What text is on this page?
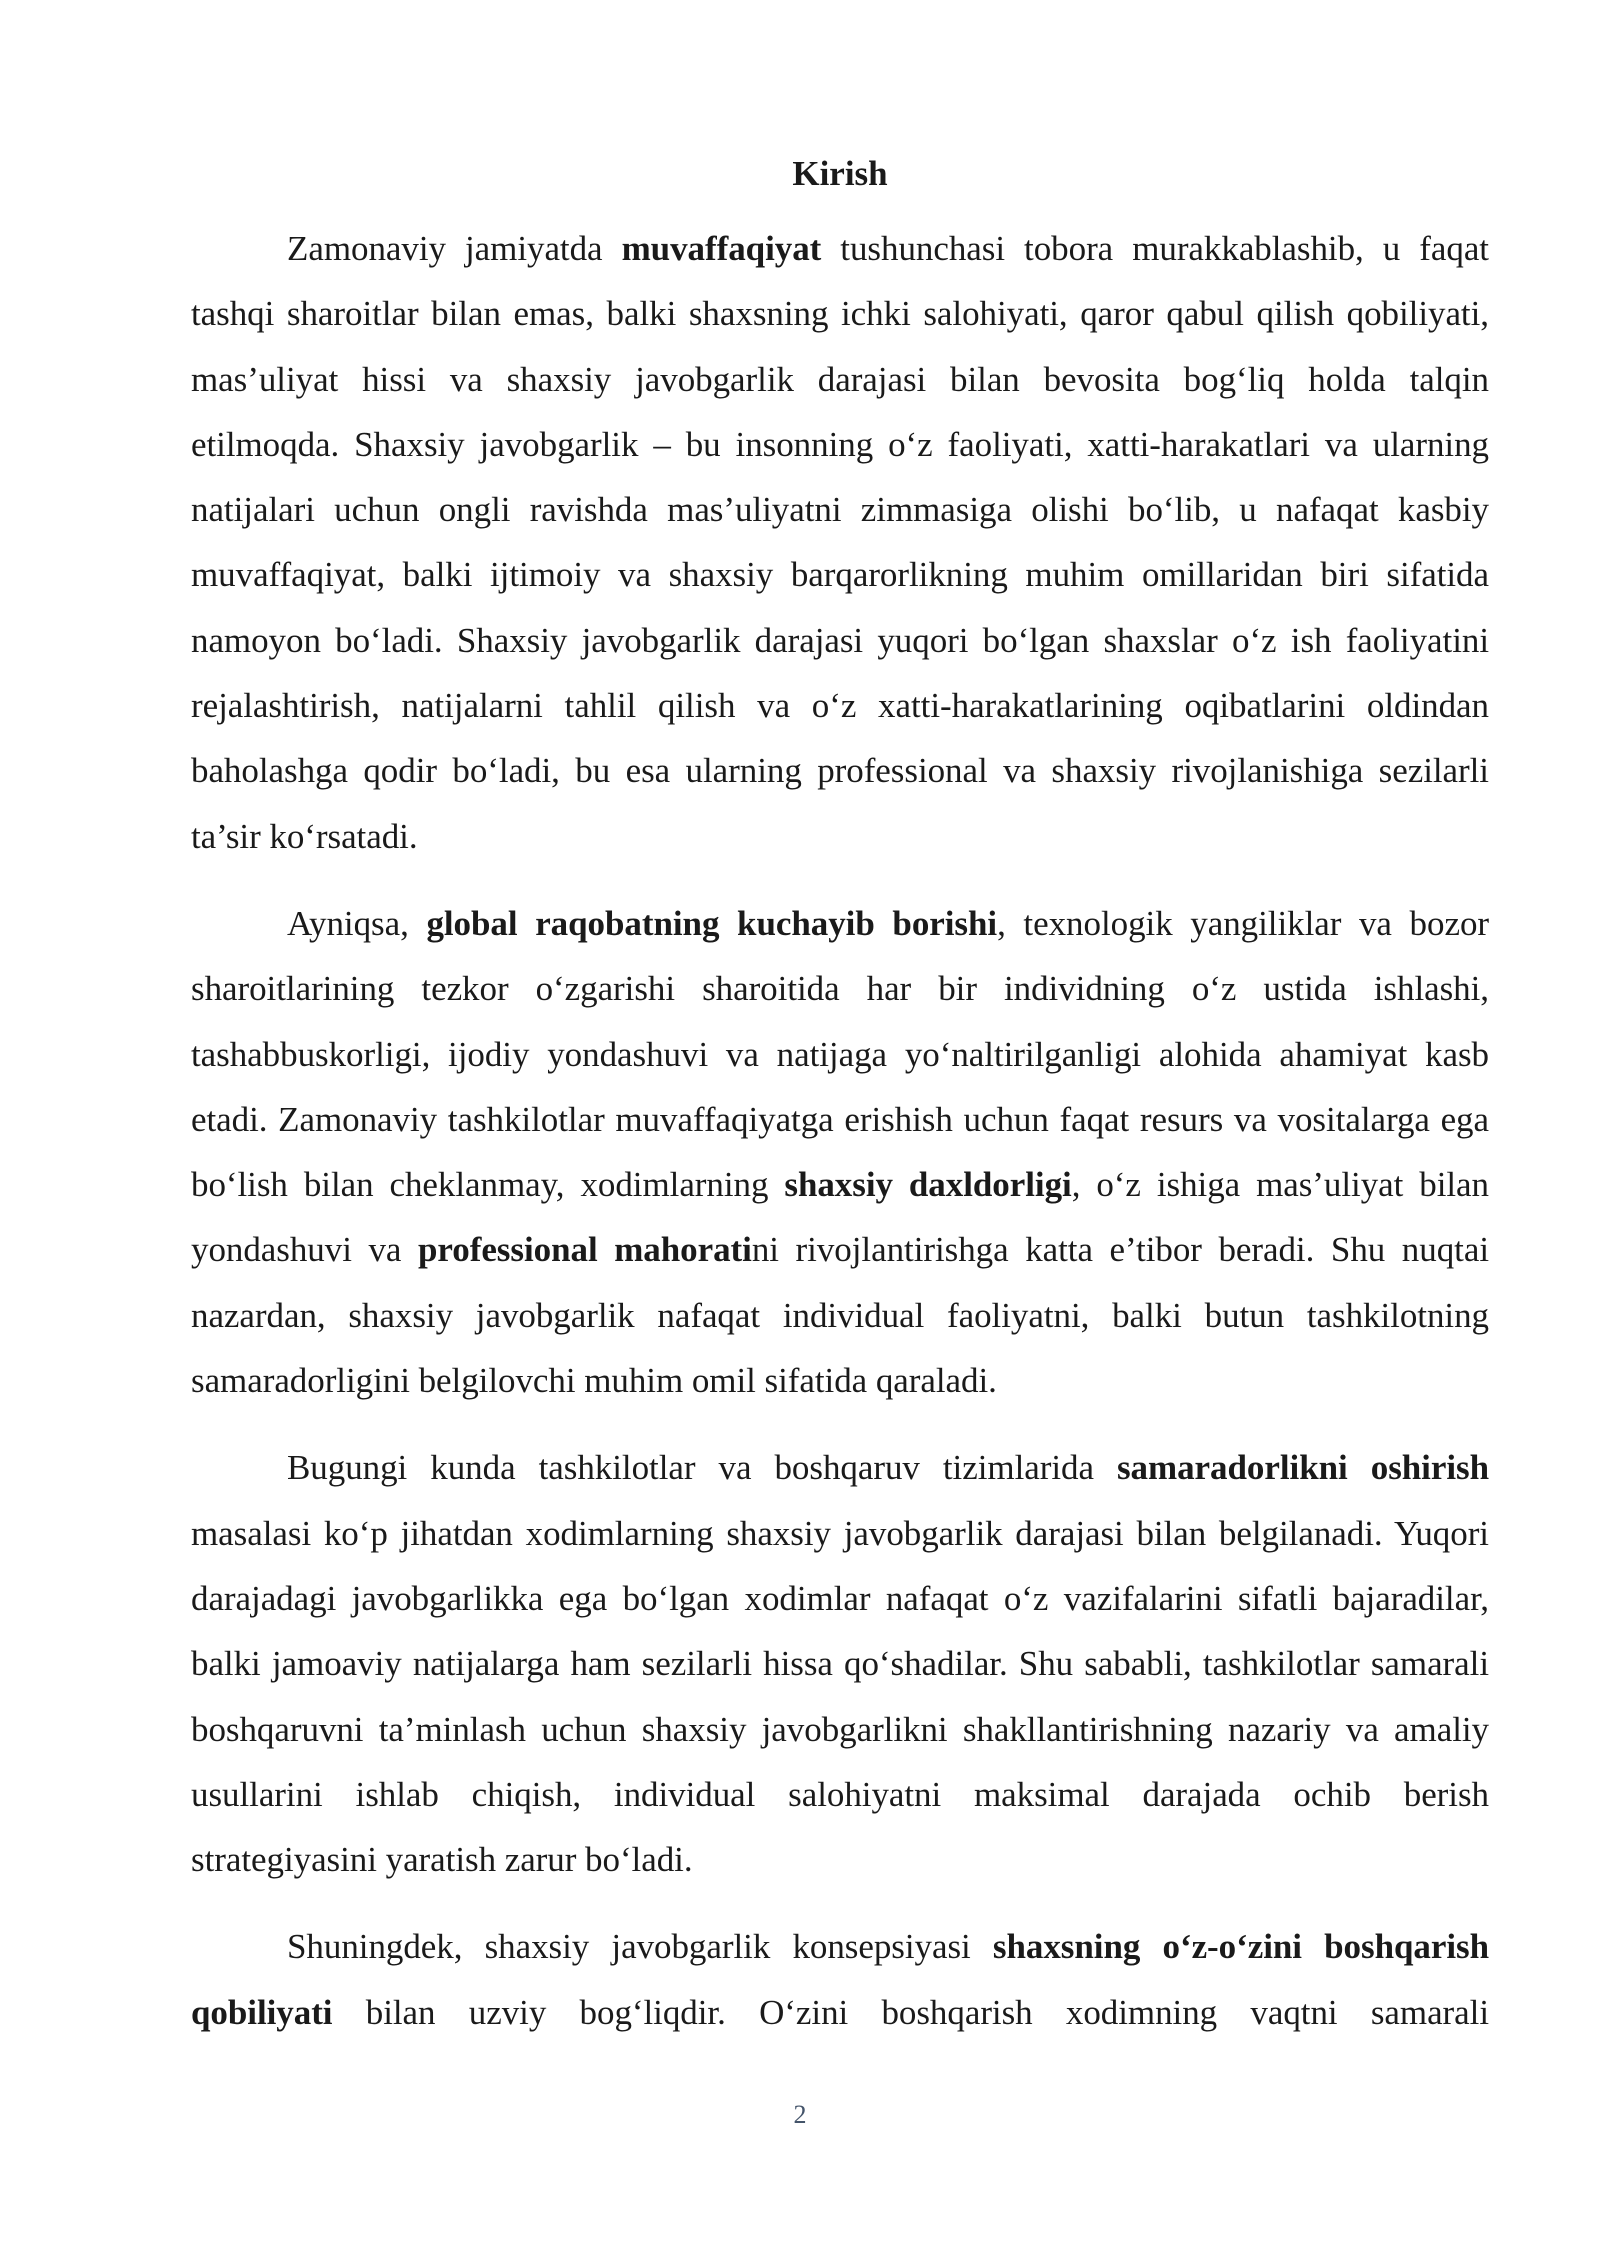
Kirish

Zamonaviy jamiyatda muvaffaqiyat tushunchasi tobora murakkablashib, u faqat tashqi sharoitlar bilan emas, balki shaxsning ichki salohiyati, qaror qabul qilish qobiliyati, mas’uliyat hissi va shaxsiy javobgarlik darajasi bilan bevosita bog‘liq holda talqin etilmoqda. Shaxsiy javobgarlik – bu insonning o‘z faoliyati, xatti-harakatlari va ularning natijalari uchun ongli ravishda mas’uliyatni zimmasiga olishi bo‘lib, u nafaqat kasbiy muvaffaqiyat, balki ijtimoiy va shaxsiy barqarorlikning muhim omillaridan biri sifatida namoyon bo‘ladi. Shaxsiy javobgarlik darajasi yuqori bo‘lgan shaxslar o‘z ish faoliyatini rejalashtirish, natijalarni tahlil qilish va o‘z xatti-harakatlarining oqibatlarini oldindan baholashga qodir bo‘ladi, bu esa ularning professional va shaxsiy rivojlanishiga sezilarli ta’sir ko‘rsatadi.

Ayniqsa, global raqobatning kuchayib borishi, texnologik yangiliklar va bozor sharoitlarining tezkor o‘zgarishi sharoitida har bir individning o‘z ustida ishlashi, tashabbuskorligi, ijodiy yondashuvi va natijaga yo‘naltirilganligi alohida ahamiyat kasb etadi. Zamonaviy tashkilotlar muvaffaqiyatga erishish uchun faqat resurs va vositalarga ega bo‘lish bilan cheklanmay, xodimlarning shaxsiy daxldorligi, o‘z ishiga mas’uliyat bilan yondashuvi va professional mahoratini rivojlantirishga katta e’tibor beradi. Shu nuqtai nazardan, shaxsiy javobgarlik nafaqat individual faoliyatni, balki butun tashkilotning samaradorligini belgilovchi muhim omil sifatida qaraladi.

Bugungi kunda tashkilotlar va boshqaruv tizimlarida samaradorlikni oshirish masalasi ko‘p jihatdan xodimlarning shaxsiy javobgarlik darajasi bilan belgilanadi. Yuqori darajadagi javobgarlikka ega bo‘lgan xodimlar nafaqat o‘z vazifalarini sifatli bajaradilar, balki jamoaviy natijalarga ham sezilarli hissa qo‘shadilar. Shu sababli, tashkilotlar samarali boshqaruvni ta’minlash uchun shaxsiy javobgarlikni shakllantirishning nazariy va amaliy usullarini ishlab chiqish, individual salohiyatni maksimal darajada ochib berish strategiyasini yaratish zarur bo‘ladi.

Shuningdek, shaxsiy javobgarlik konsepsiyasi shaxsning o‘z-o‘zini boshqarish qobiliyati bilan uzviy bog‘liqdir. O‘zini boshqarish xodimning vaqtni samarali

2
